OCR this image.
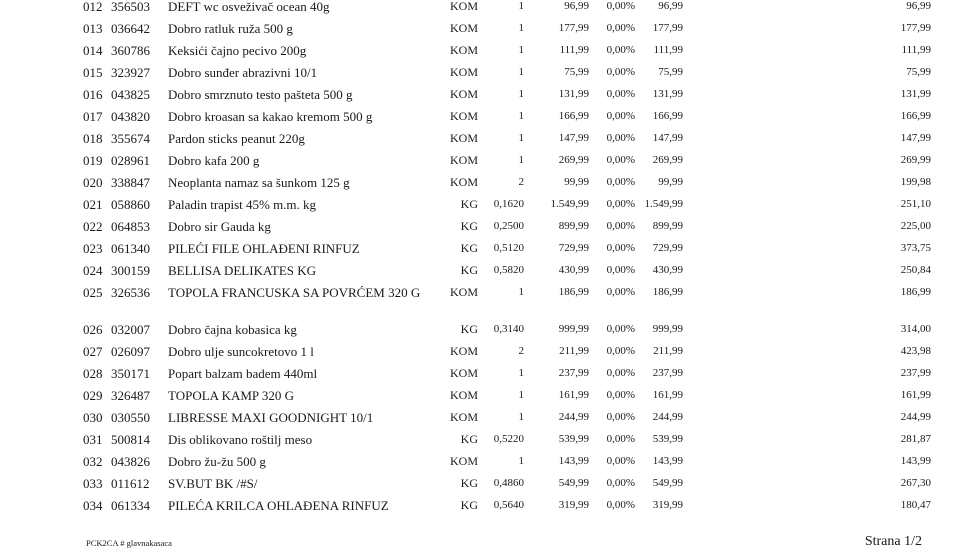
012 356503	DEFT wc osveživač ocean 40g	KOM	1	96,99	0,00%	96,99	96,99
013 036642	Dobro ratluk ruža 500 g	KOM	1	177,99	0,00%	177,99	177,99
014 360786	Keksići čajno pecivo 200g	KOM	1	111,99	0,00%	111,99	111,99
015 323927	Dobro sunđer abrazivni 10/1	KOM	1	75,99	0,00%	75,99	75,99
016 043825	Dobro smrznuto testo pašteta 500 g	KOM	1	131,99	0,00%	131,99	131,99
017 043820	Dobro kroasan sa kakao kremom 500 g	KOM	1	166,99	0,00%	166,99	166,99
018 355674	Pardon sticks peanut 220g	KOM	1	147,99	0,00%	147,99	147,99
019 028961	Dobro kafa 200 g	KOM	1	269,99	0,00%	269,99	269,99
020 338847	Neoplanta namaz sa šunkom 125 g	KOM	2	99,99	0,00%	99,99	199,98
021 058860	Paladin trapist 45% m.m. kg	KG	0,1620	1.549,99	0,00% 1.549,99	251,10
022 064853	Dobro sir Gauda kg	KG	0,2500	899,99	0,00%	899,99	225,00
023 061340	PILEĆI FILE OHLAĐENI RINFUZ	KG	0,5120	729,99	0,00%	729,99	373,75
024 300159	BELLISA DELIKATES KG	KG	0,5820	430,99	0,00%	430,99	250,84
025 326536	TOPOLA FRANCUSKA SA POVRĆEM 320 G	KOM	1	186,99	0,00%	186,99	186,99
026 032007	Dobro čajna kobasica kg	KG	0,3140	999,99	0,00%	999,99	314,00
027 026097	Dobro ulje suncokretovo 1 l	KOM	2	211,99	0,00%	211,99	423,98
028 350171	Popart balzam badem 440ml	KOM	1	237,99	0,00%	237,99	237,99
029 326487	TOPOLA KAMP 320 G	KOM	1	161,99	0,00%	161,99	161,99
030 030550	LIBRESSE MAXI GOODNIGHT 10/1	KOM	1	244,99	0,00%	244,99	244,99
031 500814	Dis oblikovano roštilj meso	KG	0,5220	539,99	0,00%	539,99	281,87
032 043826	Dobro žu-žu 500 g	KOM	1	143,99	0,00%	143,99	143,99
033 011612	SV.BUT BK /#S/	KG	0,4860	549,99	0,00%	549,99	267,30
034 061334	PILEĆA KRILCA OHLAĐENA RINFUZ	KG	0,5640	319,99	0,00%	319,99	180,47
PCK2CA # glavnakasaca	Strana 1/2
